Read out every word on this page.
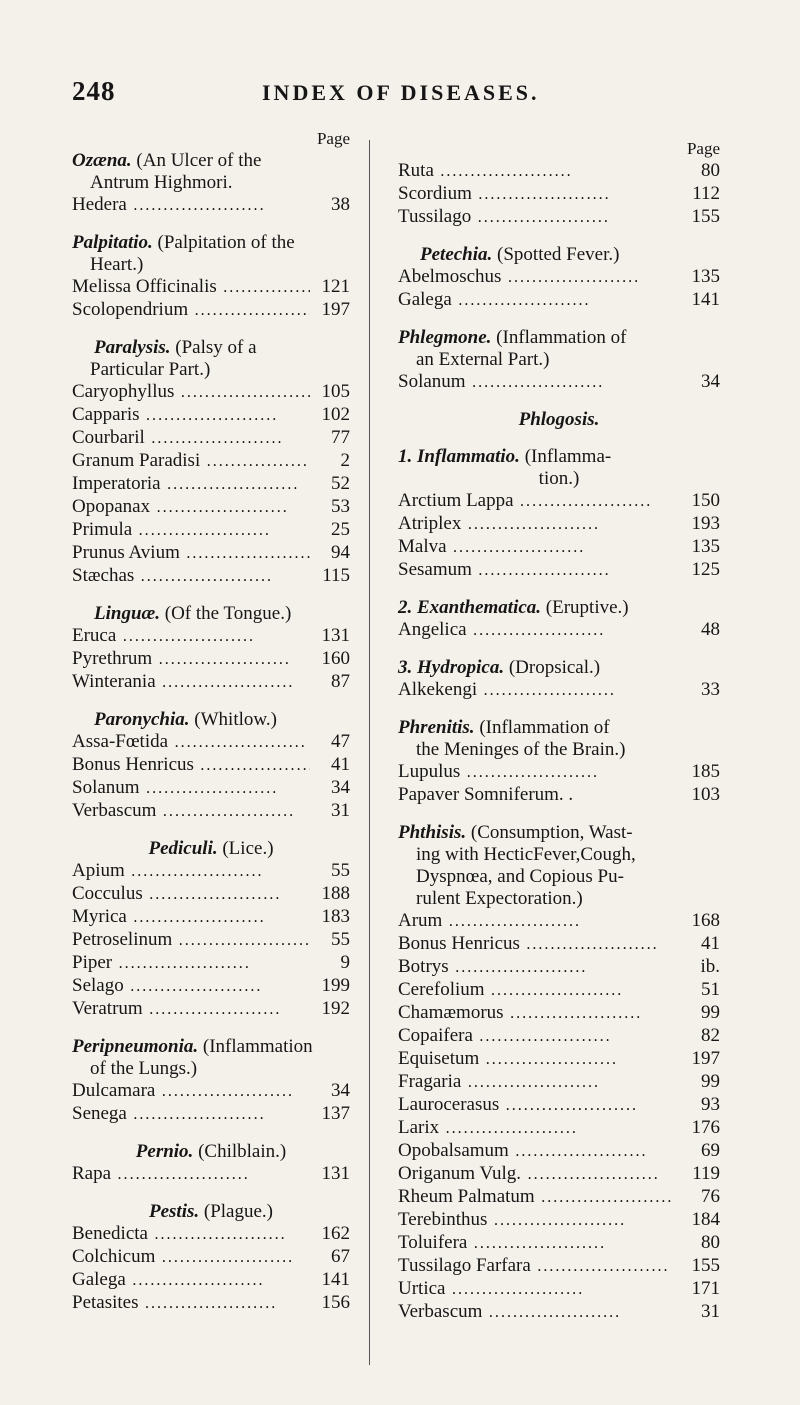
248	INDEX OF DISEASES.
Page
Ozæna. (An Ulcer of the
Antrum Highmori.
Hedera ․․․․․․․․․․․․․․․․․․․․․․	38
Palpitatio. (Palpitation of the
Heart.)
Melissa Officinalis ․․․․․․․․․․․․․․․․․․․․․․	121
Scolopendrium ․․․․․․․․․․․․․․․․․․․․․․	197
Paralysis. (Palsy of a
Particular Part.)
Caryophyllus ․․․․․․․․․․․․․․․․․․․․․․	105
Capparis ․․․․․․․․․․․․․․․․․․․․․․	102
Courbaril ․․․․․․․․․․․․․․․․․․․․․․	77
Granum Paradisi ․․․․․․․․․․․․․․․․․․․․․․	2
Imperatoria ․․․․․․․․․․․․․․․․․․․․․․	52
Opopanax ․․․․․․․․․․․․․․․․․․․․․․	53
Primula ․․․․․․․․․․․․․․․․․․․․․․	25
Prunus Avium ․․․․․․․․․․․․․․․․․․․․․․	94
Stæchas ․․․․․․․․․․․․․․․․․․․․․․	115
Linguæ. (Of the Tongue.)
Eruca ․․․․․․․․․․․․․․․․․․․․․․	131
Pyrethrum ․․․․․․․․․․․․․․․․․․․․․․	160
Winterania ․․․․․․․․․․․․․․․․․․․․․․	87
Paronychia. (Whitlow.)
Assa-Fœtida ․․․․․․․․․․․․․․․․․․․․․․	47
Bonus Henricus ․․․․․․․․․․․․․․․․․․․․․․	41
Solanum ․․․․․․․․․․․․․․․․․․․․․․	34
Verbascum ․․․․․․․․․․․․․․․․․․․․․․	31
Pediculi. (Lice.)
Apium ․․․․․․․․․․․․․․․․․․․․․․	55
Cocculus ․․․․․․․․․․․․․․․․․․․․․․	188
Myrica ․․․․․․․․․․․․․․․․․․․․․․	183
Petroselinum ․․․․․․․․․․․․․․․․․․․․․․	55
Piper ․․․․․․․․․․․․․․․․․․․․․․	9
Selago ․․․․․․․․․․․․․․․․․․․․․․	199
Veratrum ․․․․․․․․․․․․․․․․․․․․․․	192
Peripneumonia. (Inflammation
of the Lungs.)
Dulcamara ․․․․․․․․․․․․․․․․․․․․․․	34
Senega ․․․․․․․․․․․․․․․․․․․․․․	137
Pernio. (Chilblain.)
Rapa ․․․․․․․․․․․․․․․․․․․․․․	131
Pestis. (Plague.)
Benedicta ․․․․․․․․․․․․․․․․․․․․․․	162
Colchicum ․․․․․․․․․․․․․․․․․․․․․․	67
Galega ․․․․․․․․․․․․․․․․․․․․․․	141
Petasites ․․․․․․․․․․․․․․․․․․․․․․	156
Page
Ruta ․․․․․․․․․․․․․․․․․․․․․․	80
Scordium ․․․․․․․․․․․․․․․․․․․․․․	112
Tussilago ․․․․․․․․․․․․․․․․․․․․․․	155
Petechia. (Spotted Fever.)
Abelmoschus ․․․․․․․․․․․․․․․․․․․․․․	135
Galega ․․․․․․․․․․․․․․․․․․․․․․	141
Phlegmone. (Inflammation of
an External Part.)
Solanum ․․․․․․․․․․․․․․․․․․․․․․	34
Phlogosis.
1. Inflammatio. (Inflamma-
tion.)
Arctium Lappa ․․․․․․․․․․․․․․․․․․․․․․	150
Atriplex ․․․․․․․․․․․․․․․․․․․․․․	193
Malva ․․․․․․․․․․․․․․․․․․․․․․	135
Sesamum ․․․․․․․․․․․․․․․․․․․․․․	125
2. Exanthematica. (Eruptive.)
Angelica ․․․․․․․․․․․․․․․․․․․․․․	48
3. Hydropica. (Dropsical.)
Alkekengi ․․․․․․․․․․․․․․․․․․․․․․	33
Phrenitis. (Inflammation of
the Meninges of the Brain.)
Lupulus ․․․․․․․․․․․․․․․․․․․․․․	185
Papaver Somniferum. .	103
Phthisis. (Consumption, Wast-
ing with HecticFever,Cough,
Dyspnœa, and Copious Pu-
rulent Expectoration.)
Arum ․․․․․․․․․․․․․․․․․․․․․․	168
Bonus Henricus ․․․․․․․․․․․․․․․․․․․․․․	41
Botrys ․․․․․․․․․․․․․․․․․․․․․․	ib.
Cerefolium ․․․․․․․․․․․․․․․․․․․․․․	51
Chamæmorus ․․․․․․․․․․․․․․․․․․․․․․	99
Copaifera ․․․․․․․․․․․․․․․․․․․․․․	82
Equisetum ․․․․․․․․․․․․․․․․․․․․․․	197
Fragaria ․․․․․․․․․․․․․․․․․․․․․․	99
Laurocerasus ․․․․․․․․․․․․․․․․․․․․․․	93
Larix ․․․․․․․․․․․․․․․․․․․․․․	176
Opobalsamum ․․․․․․․․․․․․․․․․․․․․․․	69
Origanum Vulg. ․․․․․․․․․․․․․․․․․․․․․․	119
Rheum Palmatum ․․․․․․․․․․․․․․․․․․․․․․	76
Terebinthus ․․․․․․․․․․․․․․․․․․․․․․	184
Toluifera ․․․․․․․․․․․․․․․․․․․․․․	80
Tussilago Farfara ․․․․․․․․․․․․․․․․․․․․․․	155
Urtica ․․․․․․․․․․․․․․․․․․․․․․	171
Verbascum ․․․․․․․․․․․․․․․․․․․․․․	31
